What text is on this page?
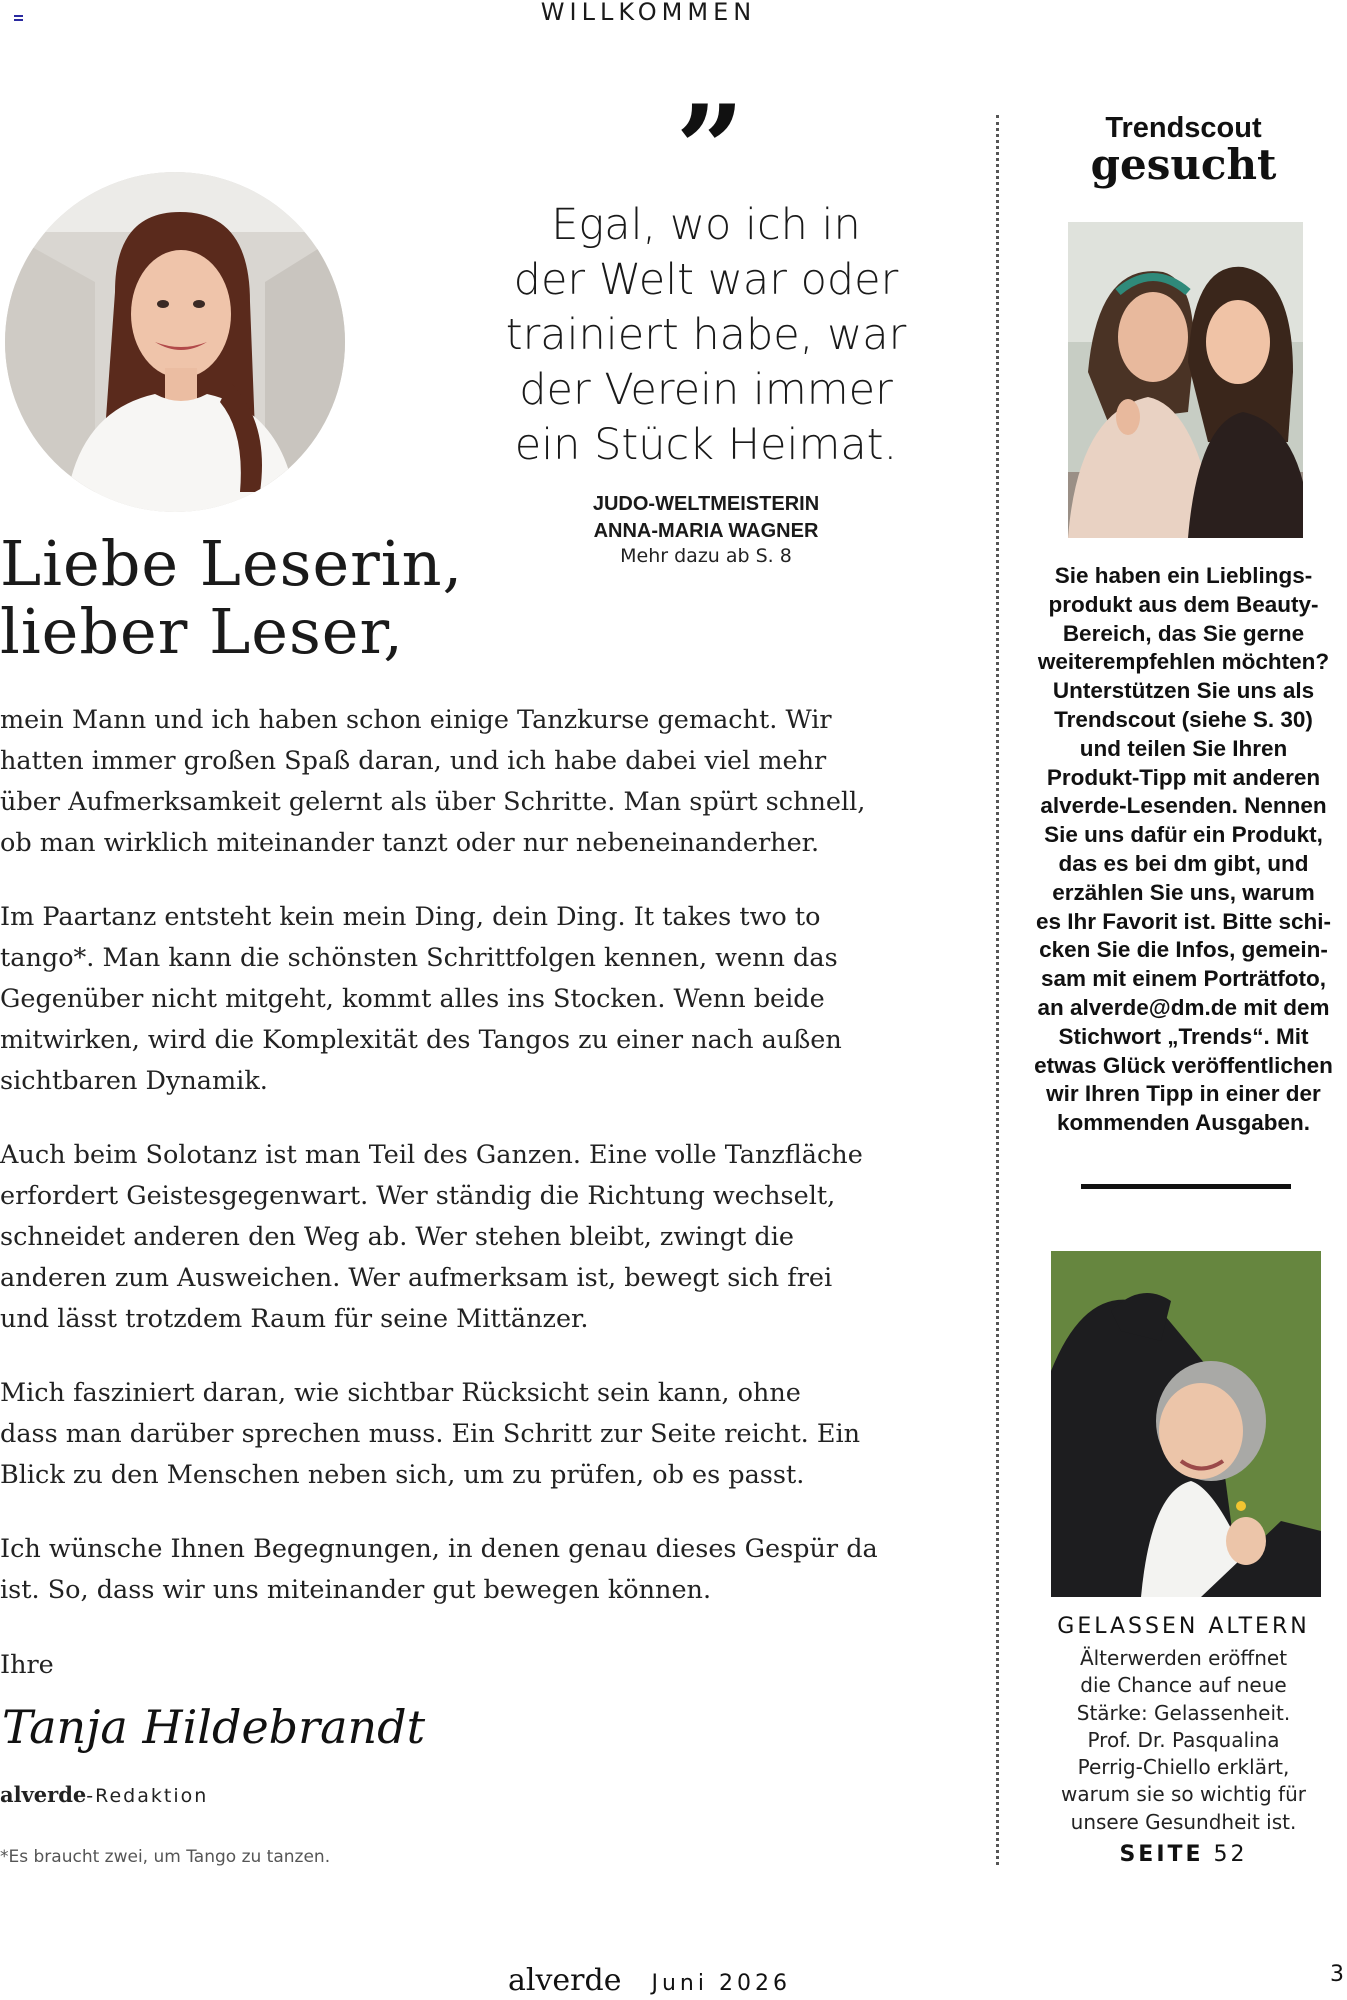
WILLKOMMEN
”
Egal, wo ich in
der Welt war oder
trainiert habe, war
der Verein immer
ein Stück Heimat.
JUDO-WELTMEISTERIN
ANNA-MARIA WAGNER
Mehr dazu ab S. 8
Liebe Leserin,
lieber Leser,

mein Mann und ich haben schon einige Tanzkurse gemacht. Wir
hatten immer großen Spaß daran, und ich habe dabei viel mehr
über Aufmerksamkeit gelernt als über Schritte. Man spürt schnell,
ob man wirklich miteinander tanzt oder nur nebeneinanderher.

Im Paartanz entsteht kein mein Ding, dein Ding. It takes two to
tango*. Man kann die schönsten Schrittfolgen kennen, wenn das
Gegenüber nicht mitgeht, kommt alles ins Stocken. Wenn beide
mitwirken, wird die Komplexität des Tangos zu einer nach außen
sichtbaren Dynamik.

Auch beim Solotanz ist man Teil des Ganzen. Eine volle Tanzfläche
erfordert Geistesgegenwart. Wer ständig die Richtung wechselt,
schneidet anderen den Weg ab. Wer stehen bleibt, zwingt die
anderen zum Ausweichen. Wer aufmerksam ist, bewegt sich frei
und lässt trotzdem Raum für seine Mittänzer.

Mich fasziniert daran, wie sichtbar Rücksicht sein kann, ohne
dass man darüber sprechen muss. Ein Schritt zur Seite reicht. Ein
Blick zu den Menschen neben sich, um zu prüfen, ob es passt.

Ich wünsche Ihnen Begegnungen, in denen genau dieses Gespür da
ist. So, dass wir uns miteinander gut bewegen können.

Ihre
Tanja Hildebrandt
alverde-Redaktion
*Es braucht zwei, um Tango zu tanzen.
Trendscout
gesucht
Sie haben ein Lieblings-
produkt aus dem Beauty-
Bereich, das Sie gerne
weiterempfehlen möchten?
Unterstützen Sie uns als
Trendscout (siehe S. 30)
und teilen Sie Ihren
Produkt-Tipp mit anderen
alverde-Lesenden. Nennen
Sie uns dafür ein Produkt,
das es bei dm gibt, und
erzählen Sie uns, warum
es Ihr Favorit ist. Bitte schi-
cken Sie die Infos, gemein-
sam mit einem Porträtfoto,
an alverde@dm.de mit dem
Stichwort „Trends“. Mit
etwas Glück veröffentlichen
wir Ihren Tipp in einer der
kommenden Ausgaben.
GELASSEN ALTERN
Älterwerden eröffnet
die Chance auf neue
Stärke: Gelassenheit.
Prof. Dr. Pasqualina
Perrig-Chiello erklärt,
warum sie so wichtig für
unsere Gesundheit ist.
SEITE 52
alverde Juni 2026	3
